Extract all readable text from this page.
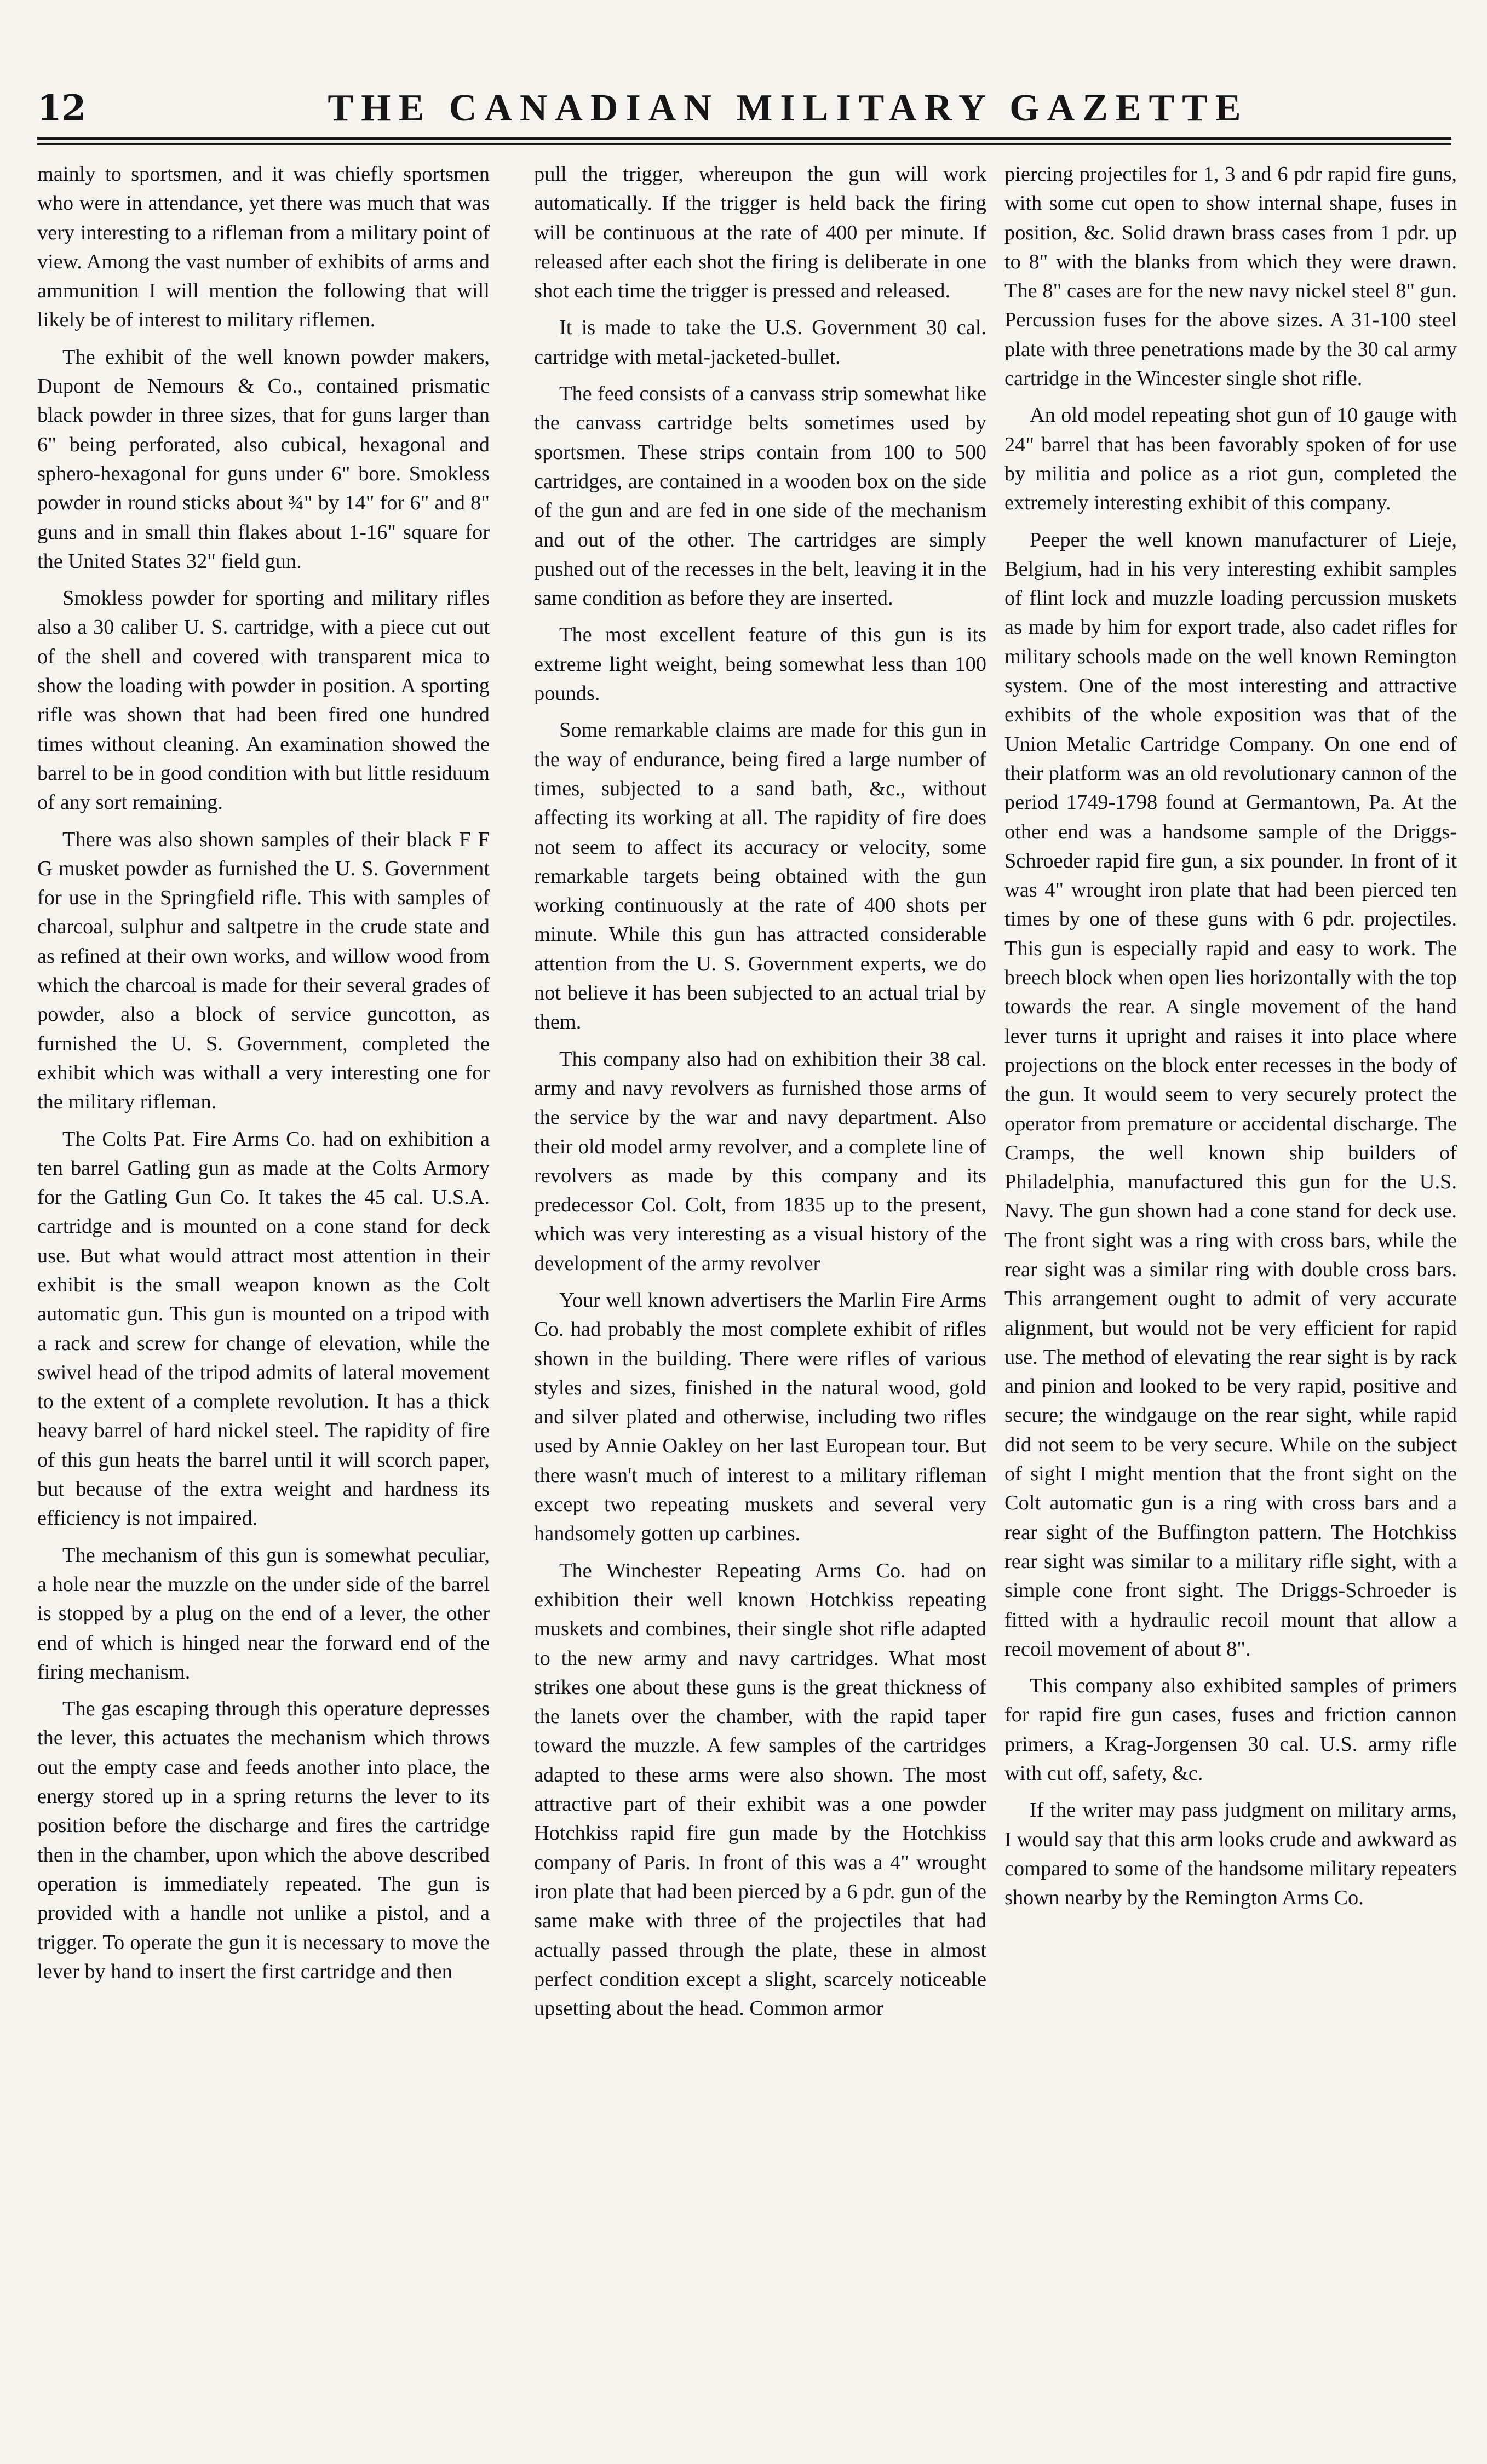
12	THE CANADIAN MILITARY GAZETTE

mainly to sportsmen, and it was chiefly sportsmen who were in attendance, yet there was much that was very interesting to a rifleman from a military point of view. Among the vast number of exhibits of arms and ammunition I will mention the following that will likely be of interest to military riflemen.

The exhibit of the well known powder makers, Dupont de Nemours & Co., contained prismatic black powder in three sizes, that for guns larger than 6" being perforated, also cubical, hexagonal and sphero-hexagonal for guns under 6" bore. Smokless powder in round sticks about ¾" by 14" for 6" and 8" guns and in small thin flakes about 1-16" square for the United States 32" field gun.

Smokless powder for sporting and military rifles also a 30 caliber U. S. cartridge, with a piece cut out of the shell and covered with transparent mica to show the loading with powder in position. A sporting rifle was shown that had been fired one hundred times without cleaning. An examination showed the barrel to be in good condition with but little residuum of any sort remaining.

There was also shown samples of their black F F G musket powder as furnished the U. S. Government for use in the Springfield rifle. This with samples of charcoal, sulphur and saltpetre in the crude state and as refined at their own works, and willow wood from which the charcoal is made for their several grades of powder, also a block of service guncotton, as furnished the U. S. Government, completed the exhibit which was withall a very interesting one for the military rifleman.

The Colts Pat. Fire Arms Co. had on exhibition a ten barrel Gatling gun as made at the Colts Armory for the Gatling Gun Co. It takes the 45 cal. U.S.A. cartridge and is mounted on a cone stand for deck use. But what would attract most attention in their exhibit is the small weapon known as the Colt automatic gun. This gun is mounted on a tripod with a rack and screw for change of elevation, while the swivel head of the tripod admits of lateral movement to the extent of a complete revolution. It has a thick heavy barrel of hard nickel steel. The rapidity of fire of this gun heats the barrel until it will scorch paper, but because of the extra weight and hardness its efficiency is not impaired.

The mechanism of this gun is somewhat peculiar, a hole near the muzzle on the under side of the barrel is stopped by a plug on the end of a lever, the other end of which is hinged near the forward end of the firing mechanism.

The gas escaping through this operature depresses the lever, this actuates the mechanism which throws out the empty case and feeds another into place, the energy stored up in a spring returns the lever to its position before the discharge and fires the cartridge then in the chamber, upon which the above described operation is immediately repeated. The gun is provided with a handle not unlike a pistol, and a trigger. To operate the gun it is necessary to move the lever by hand to insert the first cartridge and then

pull the trigger, whereupon the gun will work automatically. If the trigger is held back the firing will be continuous at the rate of 400 per minute. If released after each shot the firing is deliberate in one shot each time the trigger is pressed and released.

It is made to take the U.S. Government 30 cal. cartridge with metal-jacketed-bullet.

The feed consists of a canvass strip somewhat like the canvass cartridge belts sometimes used by sportsmen. These strips contain from 100 to 500 cartridges, are contained in a wooden box on the side of the gun and are fed in one side of the mechanism and out of the other. The cartridges are simply pushed out of the recesses in the belt, leaving it in the same condition as before they are inserted.

The most excellent feature of this gun is its extreme light weight, being somewhat less than 100 pounds.

Some remarkable claims are made for this gun in the way of endurance, being fired a large number of times, subjected to a sand bath, &c., without affecting its working at all. The rapidity of fire does not seem to affect its accuracy or velocity, some remarkable targets being obtained with the gun working continuously at the rate of 400 shots per minute. While this gun has attracted considerable attention from the U. S. Government experts, we do not believe it has been subjected to an actual trial by them.

This company also had on exhibition their 38 cal. army and navy revolvers as furnished those arms of the service by the war and navy department. Also their old model army revolver, and a complete line of revolvers as made by this company and its predecessor Col. Colt, from 1835 up to the present, which was very interesting as a visual history of the development of the army revolver

Your well known advertisers the Marlin Fire Arms Co. had probably the most complete exhibit of rifles shown in the building. There were rifles of various styles and sizes, finished in the natural wood, gold and silver plated and otherwise, including two rifles used by Annie Oakley on her last European tour. But there wasn't much of interest to a military rifleman except two repeating muskets and several very handsomely gotten up carbines.

The Winchester Repeating Arms Co. had on exhibition their well known Hotchkiss repeating muskets and combines, their single shot rifle adapted to the new army and navy cartridges. What most strikes one about these guns is the great thickness of the lanets over the chamber, with the rapid taper toward the muzzle. A few samples of the cartridges adapted to these arms were also shown. The most attractive part of their exhibit was a one powder Hotchkiss rapid fire gun made by the Hotchkiss company of Paris. In front of this was a 4" wrought iron plate that had been pierced by a 6 pdr. gun of the same make with three of the projectiles that had actually passed through the plate, these in almost perfect condition except a slight, scarcely noticeable upsetting about the head. Common armor

piercing projectiles for 1, 3 and 6 pdr rapid fire guns, with some cut open to show internal shape, fuses in position, &c. Solid drawn brass cases from 1 pdr. up to 8" with the blanks from which they were drawn. The 8" cases are for the new navy nickel steel 8" gun. Percussion fuses for the above sizes. A 31-100 steel plate with three penetrations made by the 30 cal army cartridge in the Wincester single shot rifle.

An old model repeating shot gun of 10 gauge with 24" barrel that has been favorably spoken of for use by militia and police as a riot gun, completed the extremely interesting exhibit of this company.

Peeper the well known manufacturer of Lieje, Belgium, had in his very interesting exhibit samples of flint lock and muzzle loading percussion muskets as made by him for export trade, also cadet rifles for military schools made on the well known Remington system. One of the most interesting and attractive exhibits of the whole exposition was that of the Union Metalic Cartridge Company. On one end of their platform was an old revolutionary cannon of the period 1749-1798 found at Germantown, Pa. At the other end was a handsome sample of the Driggs-Schroeder rapid fire gun, a six pounder. In front of it was 4" wrought iron plate that had been pierced ten times by one of these guns with 6 pdr. projectiles. This gun is especially rapid and easy to work. The breech block when open lies horizontally with the top towards the rear. A single movement of the hand lever turns it upright and raises it into place where projections on the block enter recesses in the body of the gun. It would seem to very securely protect the operator from premature or accidental discharge. The Cramps, the well known ship builders of Philadelphia, manufactured this gun for the U.S. Navy. The gun shown had a cone stand for deck use. The front sight was a ring with cross bars, while the rear sight was a similar ring with double cross bars. This arrangement ought to admit of very accurate alignment, but would not be very efficient for rapid use. The method of elevating the rear sight is by rack and pinion and looked to be very rapid, positive and secure; the windgauge on the rear sight, while rapid did not seem to be very secure. While on the subject of sight I might mention that the front sight on the Colt automatic gun is a ring with cross bars and a rear sight of the Buffington pattern. The Hotchkiss rear sight was similar to a military rifle sight, with a simple cone front sight. The Driggs-Schroeder is fitted with a hydraulic recoil mount that allow a recoil movement of about 8".

This company also exhibited samples of primers for rapid fire gun cases, fuses and friction cannon primers, a Krag-Jorgensen 30 cal. U.S. army rifle with cut off, safety, &c.

If the writer may pass judgment on military arms, I would say that this arm looks crude and awkward as compared to some of the handsome military repeaters shown nearby by the Remington Arms Co.
